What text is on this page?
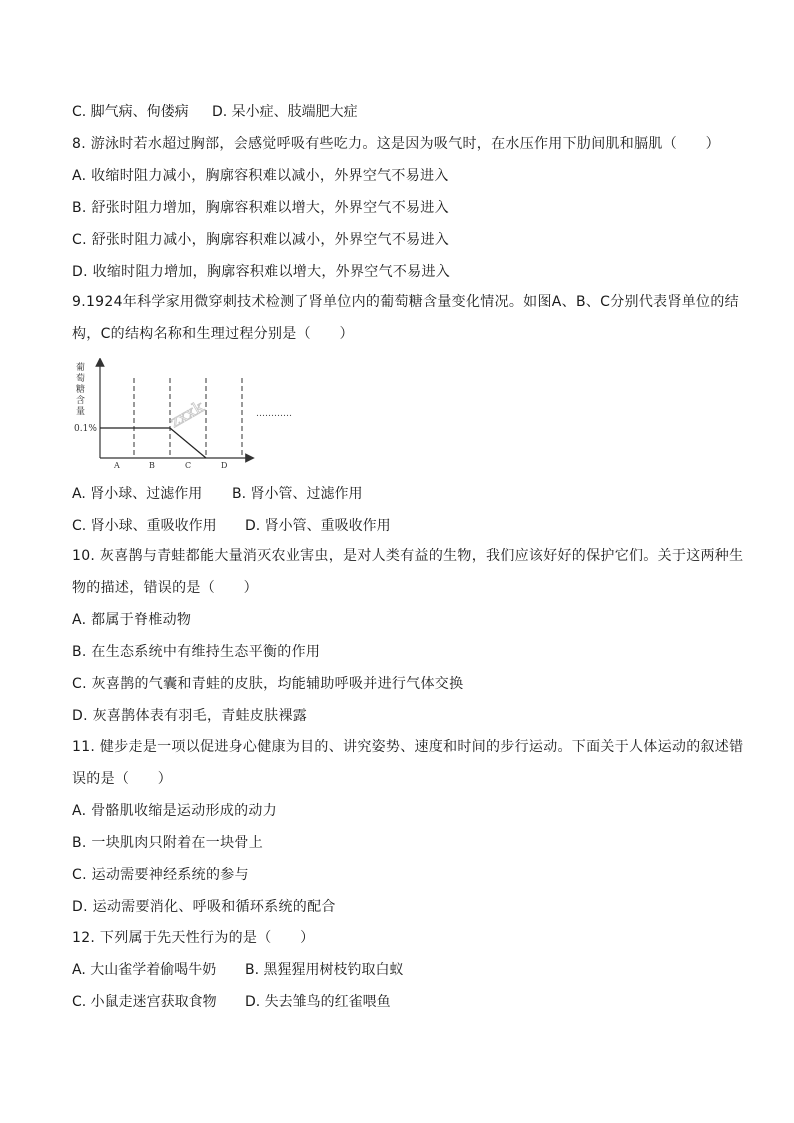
C. 脚气病、佝偻病 D. 呆小症、肢端肥大症
8. 游泳时若水超过胸部，会感觉呼吸有些吃力。这是因为吸气时，在水压作用下肋间肌和膈肌（　　）
A. 收缩时阻力减小，胸廓容积难以减小，外界空气不易进入
B. 舒张时阻力增加，胸廓容积难以增大，外界空气不易进入
C. 舒张时阻力减小，胸廓容积难以减小，外界空气不易进入
D. 收缩时阻力增加，胸廓容积难以增大，外界空气不易进入
9.1924年科学家用微穿刺技术检测了肾单位内的葡萄糖含量变化情况。如图A、B、C分别代表肾单位的结
构，C的结构名称和生理过程分别是（　　）
葡
萄
糖
含
量
0.1%
A	B	C	D
zxxk	…………
A. 肾小球、过滤作用 B. 肾小管、过滤作用
C. 肾小球、重吸收作用 D. 肾小管、重吸收作用
10. 灰喜鹊与青蛙都能大量消灭农业害虫，是对人类有益的生物，我们应该好好的保护它们。关于这两种生
物的描述，错误的是（　　）
A. 都属于脊椎动物
B. 在生态系统中有维持生态平衡的作用
C. 灰喜鹊的气囊和青蛙的皮肤，均能辅助呼吸并进行气体交换
D. 灰喜鹊体表有羽毛，青蛙皮肤裸露
11. 健步走是一项以促进身心健康为目的、讲究姿势、速度和时间的步行运动。下面关于人体运动的叙述错
误的是（　　）
A. 骨骼肌收缩是运动形成的动力
B. 一块肌肉只附着在一块骨上
C. 运动需要神经系统的参与
D. 运动需要消化、呼吸和循环系统的配合
12. 下列属于先天性行为的是（　　）
A. 大山雀学着偷喝牛奶 B. 黑猩猩用树枝钓取白蚁
C. 小鼠走迷宫获取食物 D. 失去雏鸟的红雀喂鱼
